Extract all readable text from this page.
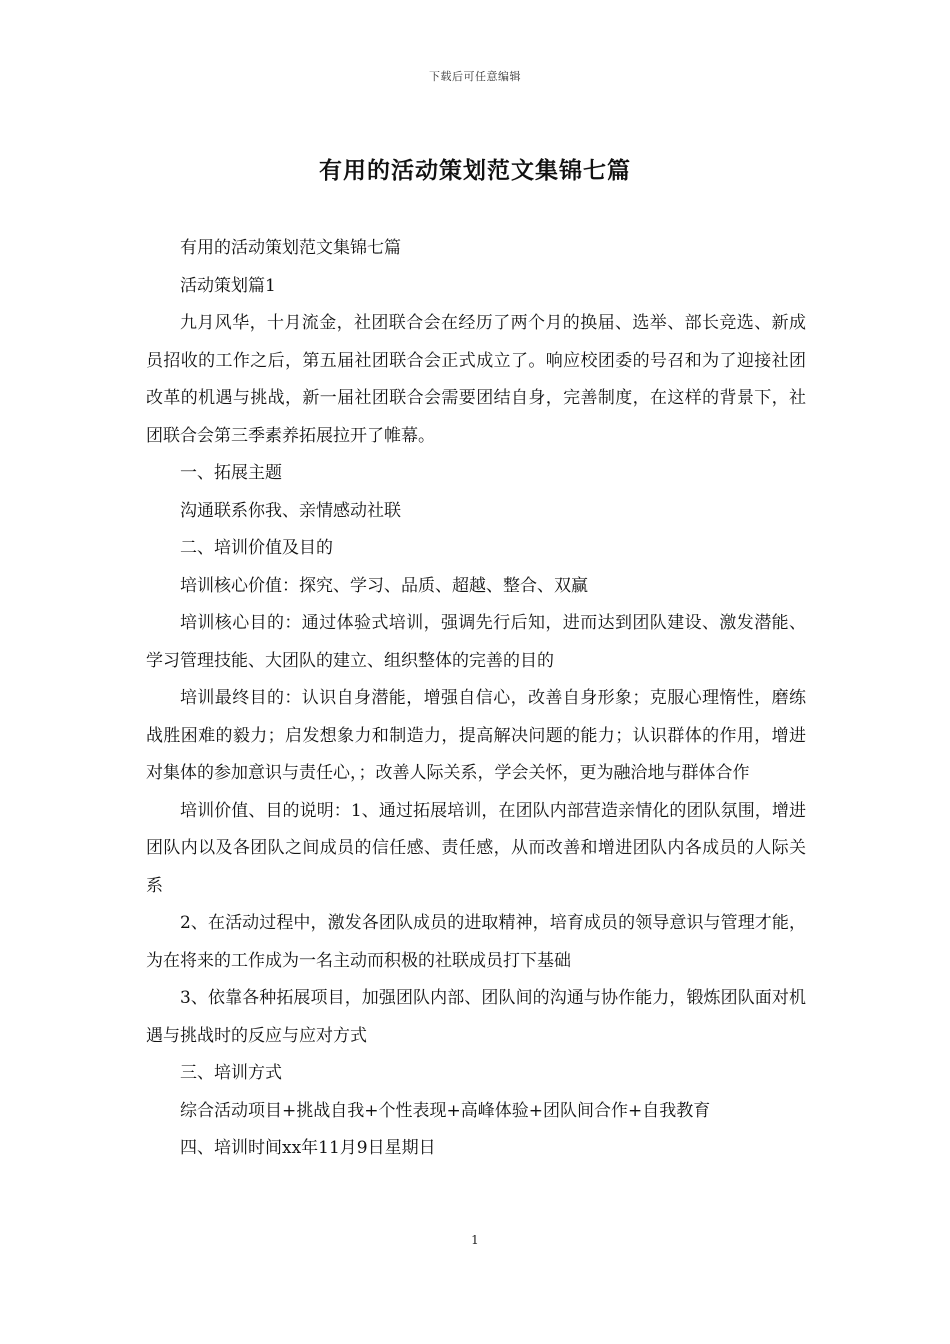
下载后可任意编辑
有用的活动策划范文集锦七篇

有用的活动策划范文集锦七篇

活动策划篇1

九月风华，十月流金，社团联合会在经历了两个月的换届、选举、部长竞选、新成员招收的工作之后，第五届社团联合会正式成立了。响应校团委的号召和为了迎接社团改革的机遇与挑战，新一届社团联合会需要团结自身，完善制度，在这样的背景下，社团联合会第三季素养拓展拉开了帷幕。

一、拓展主题

沟通联系你我、亲情感动社联

二、培训价值及目的

培训核心价值：探究、学习、品质、超越、整合、双赢

培训核心目的：通过体验式培训，强调先行后知，进而达到团队建设、激发潜能、学习管理技能、大团队的建立、组织整体的完善的目的

培训最终目的：认识自身潜能，增强自信心，改善自身形象；克服心理惰性，磨练战胜困难的毅力；启发想象力和制造力，提高解决问题的能力；认识群体的作用，增进对集体的参加意识与责任心，；改善人际关系，学会关怀，更为融洽地与群体合作

培训价值、目的说明：1、通过拓展培训，在团队内部营造亲情化的团队氛围，增进团队内以及各团队之间成员的信任感、责任感，从而改善和增进团队内各成员的人际关系

2、在活动过程中，激发各团队成员的进取精神，培育成员的领导意识与管理才能，为在将来的工作成为一名主动而积极的社联成员打下基础

3、依靠各种拓展项目，加强团队内部、团队间的沟通与协作能力，锻炼团队面对机遇与挑战时的反应与应对方式

三、培训方式

综合活动项目+挑战自我+个性表现+高峰体验+团队间合作+自我教育

四、培训时间xx年11月9日星期日

1
